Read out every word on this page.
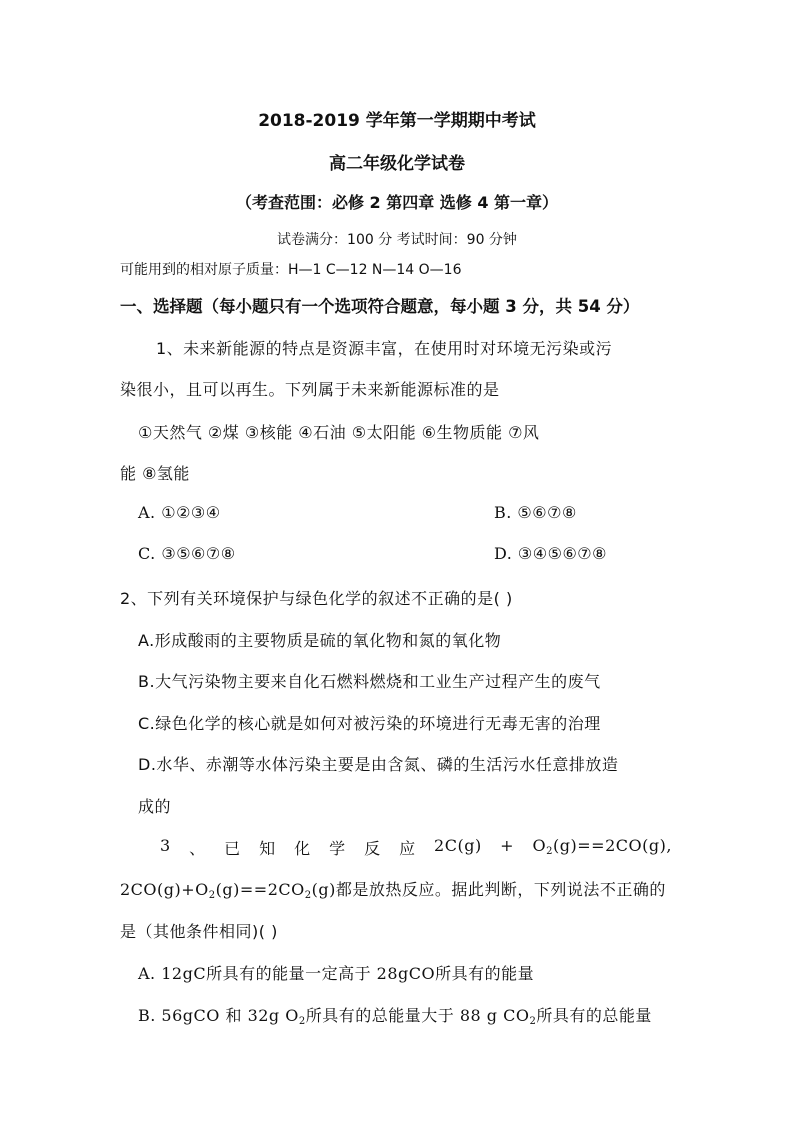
2018-2019 学年第一学期期中考试
高二年级化学试卷
（考查范围：必修 2 第四章 选修 4 第一章）
试卷满分：100 分 考试时间：90 分钟
可能用到的相对原子质量：H—1 C—12 N—14 O—16
一、选择题（每小题只有一个选项符合题意，每小题 3 分，共 54 分）
1、未来新能源的特点是资源丰富，在使用时对环境无污染或污
染很小，且可以再生。下列属于未来新能源标准的是
①天然气 ②煤 ③核能 ④石油 ⑤太阳能 ⑥生物质能 ⑦风
能 ⑧氢能
A. ①②③④	B. ⑤⑥⑦⑧
C. ③⑤⑥⑦⑧	D. ③④⑤⑥⑦⑧
2、下列有关环境保护与绿色化学的叙述不正确的是( )
A.形成酸雨的主要物质是硫的氧化物和氮的氧化物
B.大气污染物主要来自化石燃料燃烧和工业生产过程产生的废气
C.绿色化学的核心就是如何对被污染的环境进行无毒无害的治理
D.水华、赤潮等水体污染主要是由含氮、磷的生活污水任意排放造
成的
3 、 已 知 化 学 反 应 $2C(g) + O_2(g)==2CO(g)$,
$2CO(g)+O_2(g)==2CO_2(g)$都是放热反应。据此判断，下列说法不正确的
是（其他条件相同)( )
A. 12gC所具有的能量一定高于 28gCO所具有的能量
B. 56gCO 和 32g $O_2$所具有的总能量大于 88 g $CO_2$所具有的总能量
